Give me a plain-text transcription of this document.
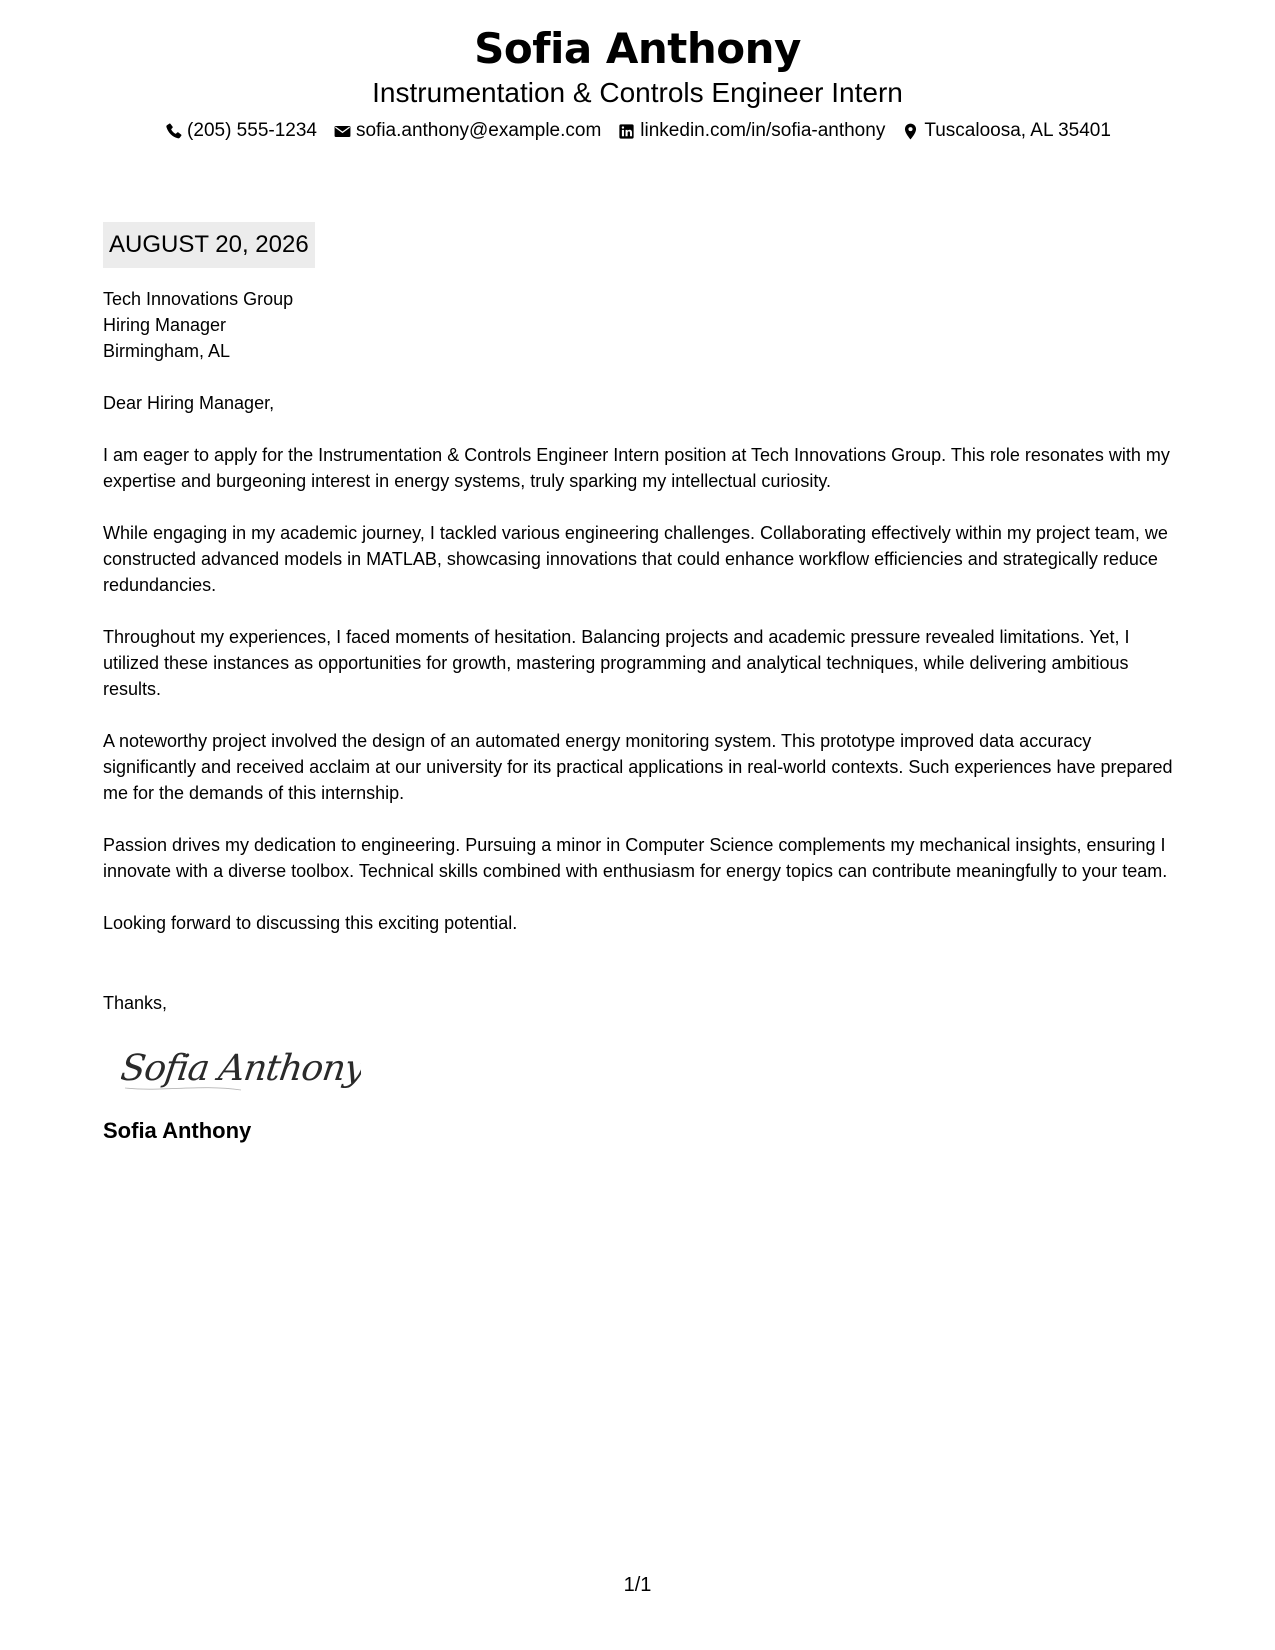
Sofia Anthony
Instrumentation & Controls Engineer Intern
(205) 555-1234 sofia.anthony@example.com linkedin.com/in/sofia-anthony Tuscaloosa, AL 35401
AUGUST 20, 2026
Tech Innovations Group
Hiring Manager
Birmingham, AL

Dear Hiring Manager,

I am eager to apply for the Instrumentation & Controls Engineer Intern position at Tech Innovations Group. This role resonates with my expertise and burgeoning interest in energy systems, truly sparking my intellectual curiosity.

While engaging in my academic journey, I tackled various engineering challenges. Collaborating effectively within my project team, we constructed advanced models in MATLAB, showcasing innovations that could enhance workflow efficiencies and strategically reduce redundancies.

Throughout my experiences, I faced moments of hesitation. Balancing projects and academic pressure revealed limitations. Yet, I utilized these instances as opportunities for growth, mastering programming and analytical techniques, while delivering ambitious results.

A noteworthy project involved the design of an automated energy monitoring system. This prototype improved data accuracy significantly and received acclaim at our university for its practical applications in real-world contexts. Such experiences have prepared me for the demands of this internship.

Passion drives my dedication to engineering. Pursuing a minor in Computer Science complements my mechanical insights, ensuring I innovate with a diverse toolbox. Technical skills combined with enthusiasm for energy topics can contribute meaningfully to your team.

Looking forward to discussing this exciting potential.

Thanks,

Sofia Anthony
Sofia Anthony
1/1
